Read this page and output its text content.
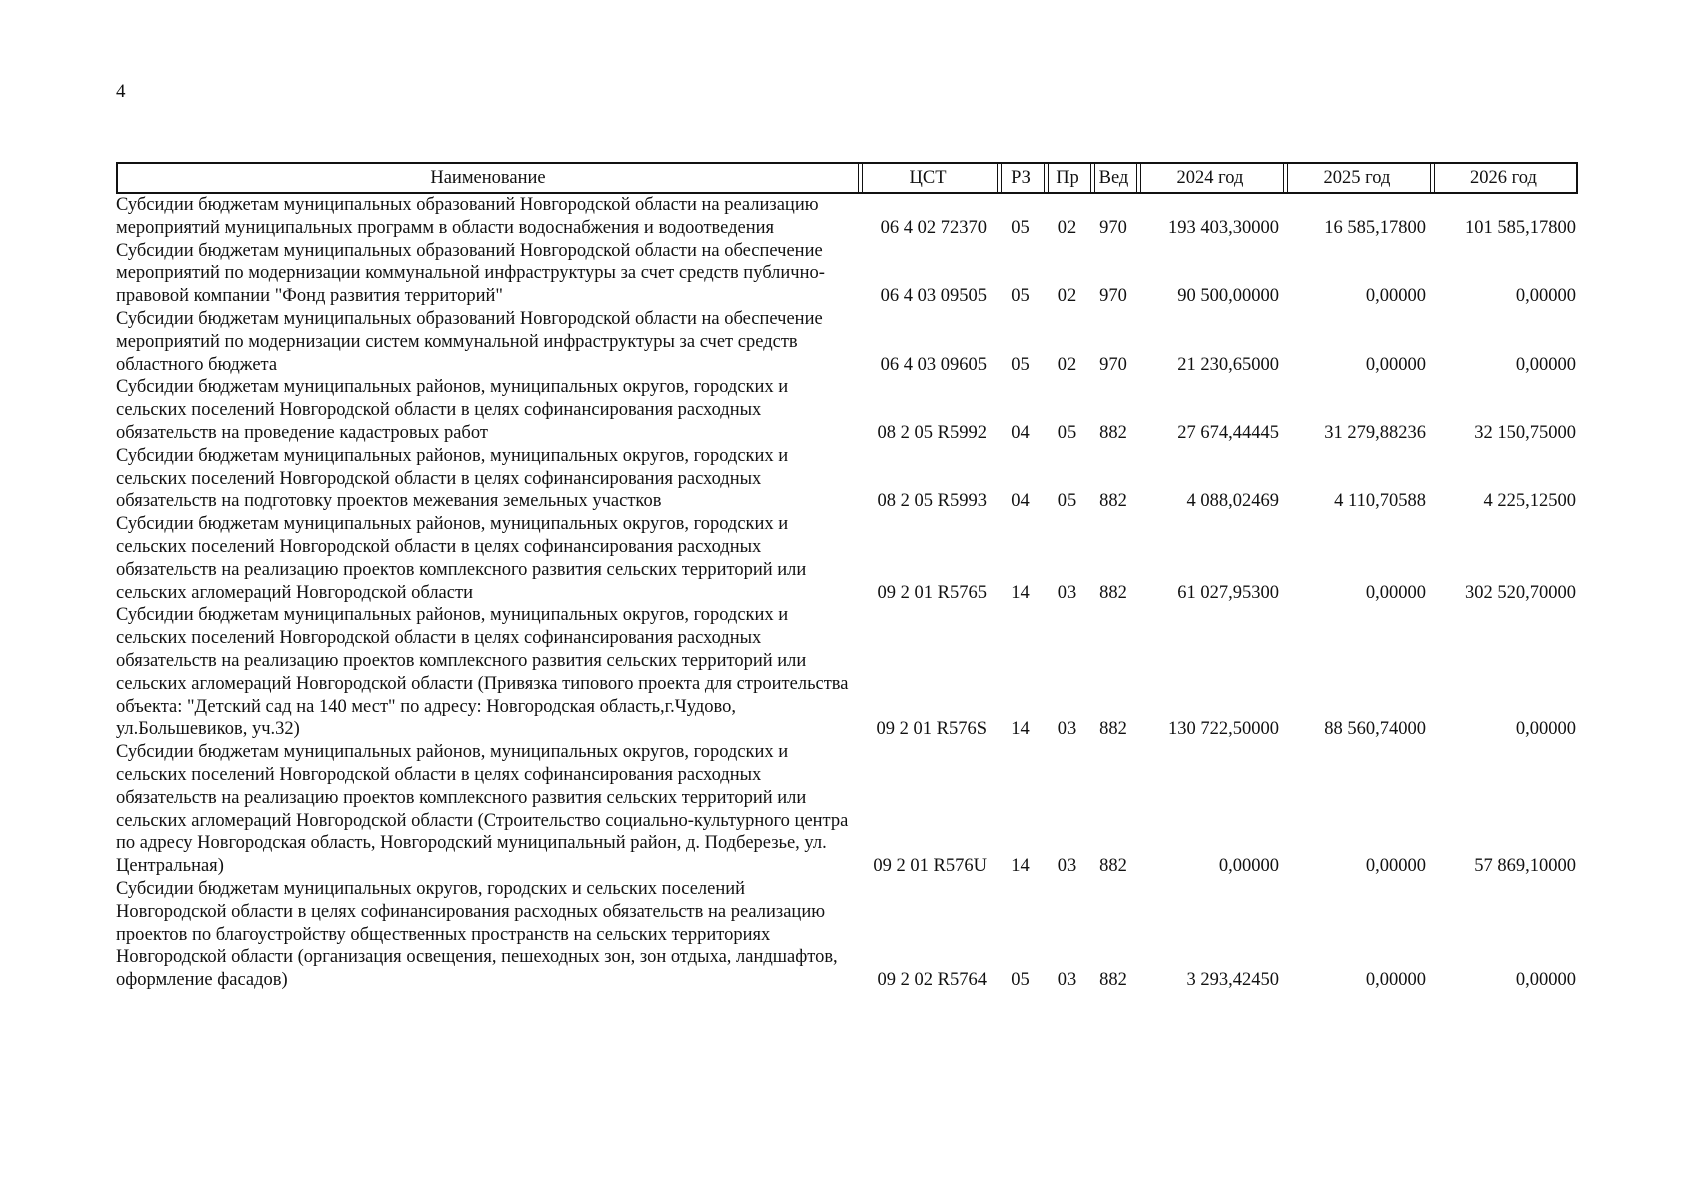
4
Наименование	ЦСТ	РЗ	Пр	Вед	2024 год	2025 год	2026 год
Субсидии бюджетам муниципальных образований Новгородской области на реализацию мероприятий муниципальных программ в области водоснабжения и водоотведения	06 4 02 72370	05	02	970	193 403,30000	16 585,17800	101 585,17800
Субсидии бюджетам муниципальных образований Новгородской области на обеспечение мероприятий по модернизации коммунальной инфраструктуры за счет средств публично-правовой компании "Фонд развития территорий"	06 4 03 09505	05	02	970	90 500,00000	0,00000	0,00000
Субсидии бюджетам муниципальных образований Новгородской области на обеспечение мероприятий по модернизации систем коммунальной инфраструктуры за счет средств областного бюджета	06 4 03 09605	05	02	970	21 230,65000	0,00000	0,00000
Субсидии бюджетам муниципальных районов, муниципальных округов, городских и сельских поселений Новгородской области в целях софинансирования расходных обязательств на проведение кадастровых работ	08 2 05 R5992	04	05	882	27 674,44445	31 279,88236	32 150,75000
Субсидии бюджетам муниципальных районов, муниципальных округов, городских и сельских поселений Новгородской области в целях софинансирования расходных обязательств на подготовку проектов межевания земельных участков	08 2 05 R5993	04	05	882	4 088,02469	4 110,70588	4 225,12500
Субсидии бюджетам муниципальных районов, муниципальных округов, городских и сельских поселений Новгородской области в целях софинансирования расходных обязательств на реализацию проектов комплексного развития сельских территорий или сельских агломераций Новгородской области	09 2 01 R5765	14	03	882	61 027,95300	0,00000	302 520,70000
Субсидии бюджетам муниципальных районов, муниципальных округов, городских и сельских поселений Новгородской области в целях софинансирования расходных обязательств на реализацию проектов комплексного развития сельских территорий или сельских агломераций Новгородской области (Привязка типового проекта для строительства объекта: "Детский сад на 140 мест" по адресу: Новгородская область,г.Чудово, ул.Большевиков, уч.32)	09 2 01 R576S	14	03	882	130 722,50000	88 560,74000	0,00000
Субсидии бюджетам муниципальных районов, муниципальных округов, городских и сельских поселений Новгородской области в целях софинансирования расходных обязательств на реализацию проектов комплексного развития сельских территорий или сельских агломераций Новгородской области (Строительство социально-культурного центра по адресу Новгородская область, Новгородский муниципальный район, д. Подберезье, ул. Центральная)	09 2 01 R576U	14	03	882	0,00000	0,00000	57 869,10000
Субсидии бюджетам муниципальных округов, городских и сельских поселений Новгородской области в целях софинансирования расходных обязательств на реализацию проектов по благоустройству общественных пространств на сельских территориях Новгородской области (организация освещения, пешеходных зон, зон отдыха, ландшафтов, оформление фасадов)	09 2 02 R5764	05	03	882	3 293,42450	0,00000	0,00000
